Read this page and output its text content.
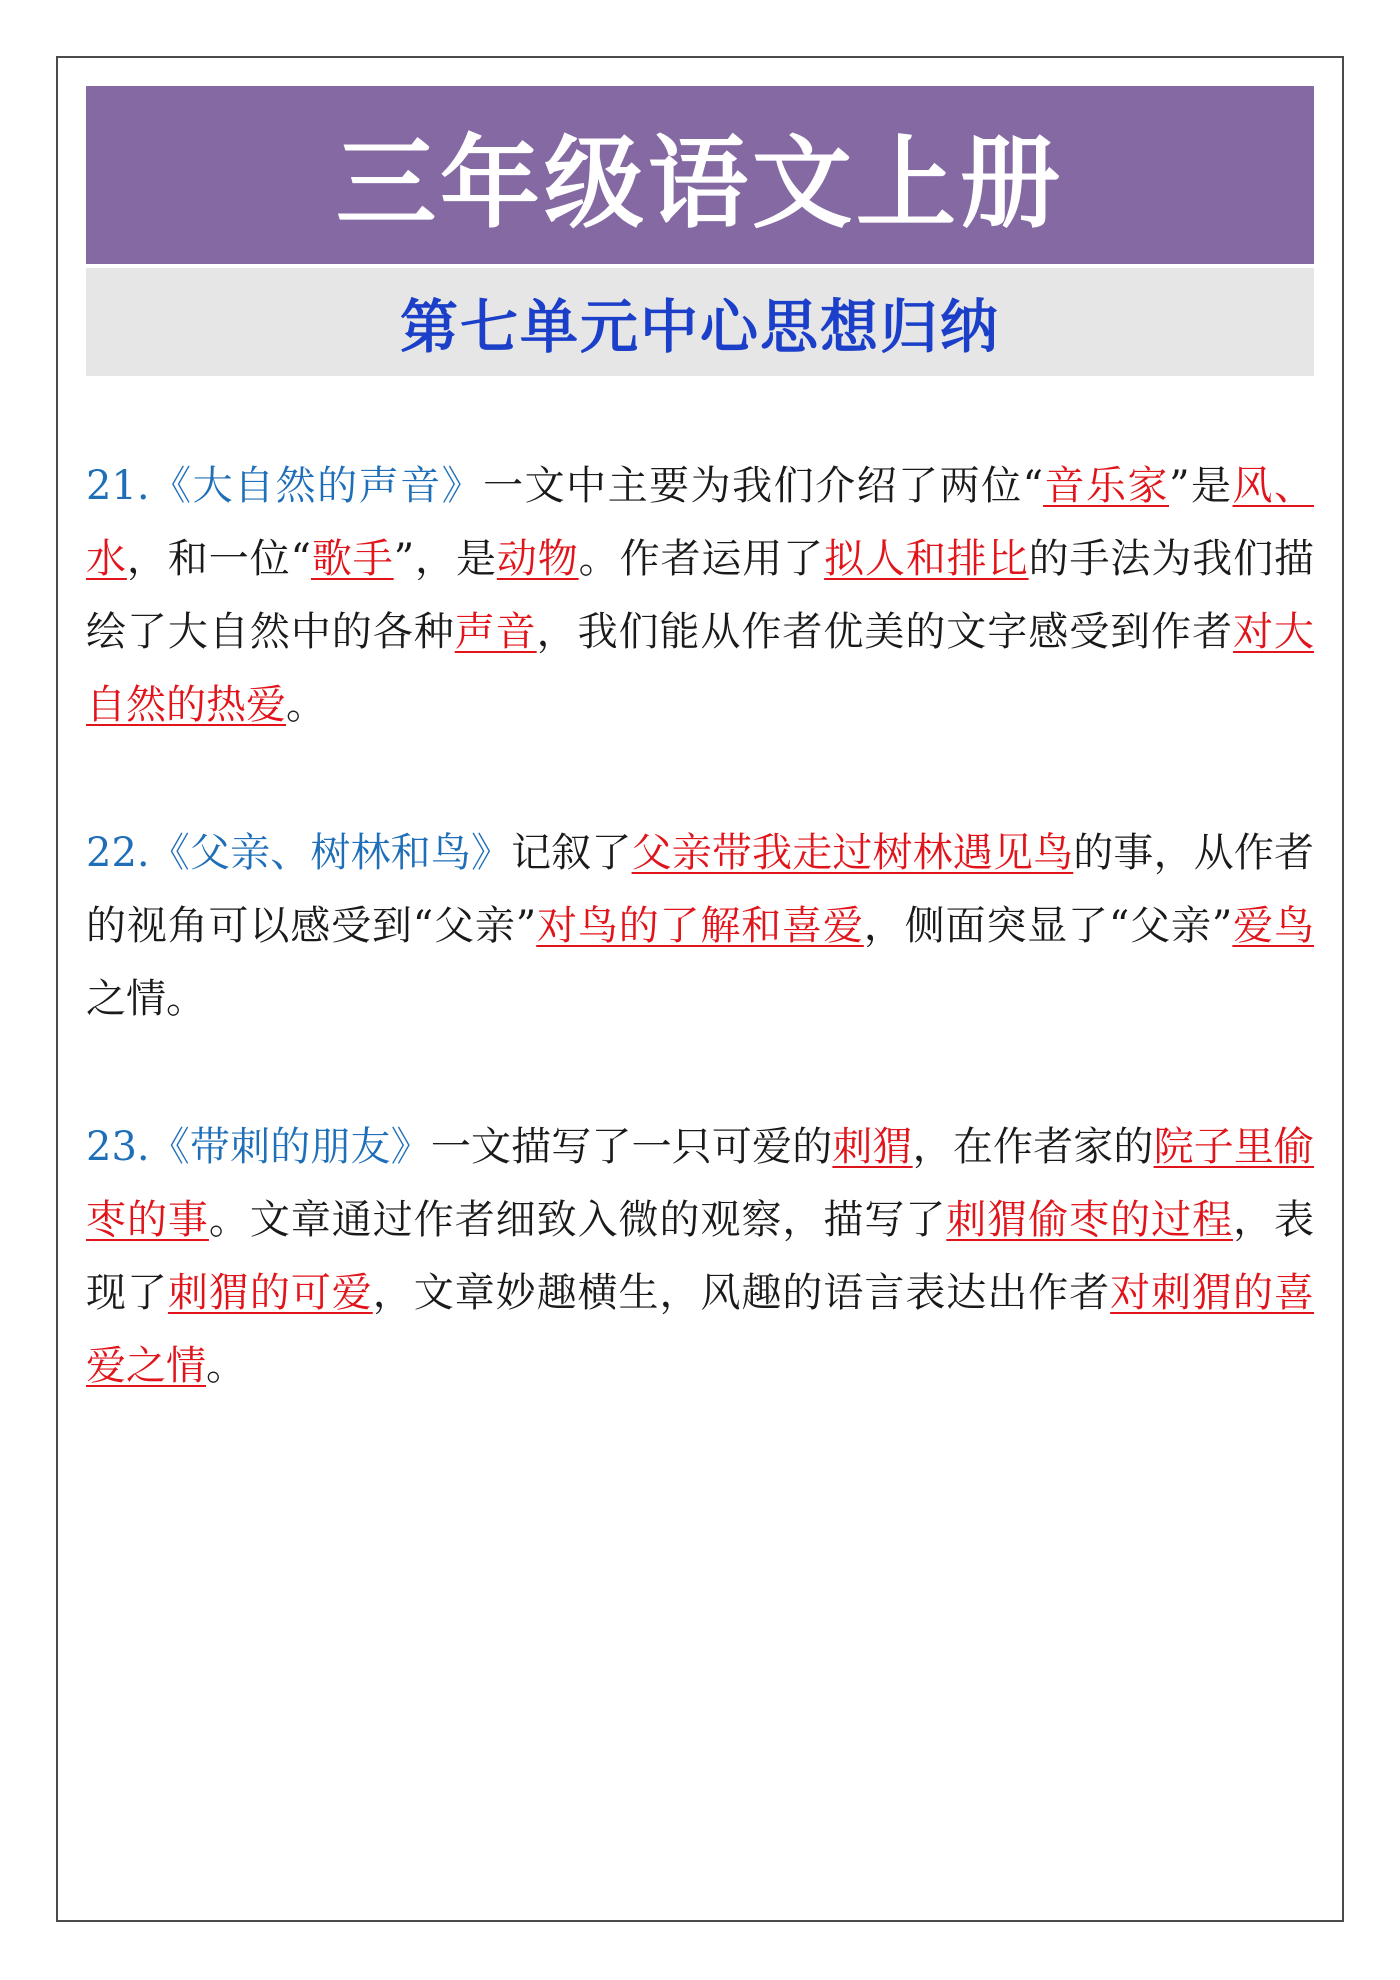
三年级语文上册
第七单元中心思想归纳

21.《大自然的声音》一文中主要为我们介绍了两位“音乐家”是风、水，和一位“歌手”，是动物。作者运用了拟人和排比的手法为我们描绘了大自然中的各种声音，我们能从作者优美的文字感受到作者对大自然的热爱。

22.《父亲、树林和鸟》记叙了父亲带我走过树林遇见鸟的事，从作者的视角可以感受到“父亲”对鸟的了解和喜爱，侧面突显了“父亲”爱鸟之情。

23.《带刺的朋友》一文描写了一只可爱的刺猬，在作者家的院子里偷枣的事。文章通过作者细致入微的观察，描写了刺猬偷枣的过程，表现了刺猬的可爱，文章妙趣横生，风趣的语言表达出作者对刺猬的喜爱之情。
